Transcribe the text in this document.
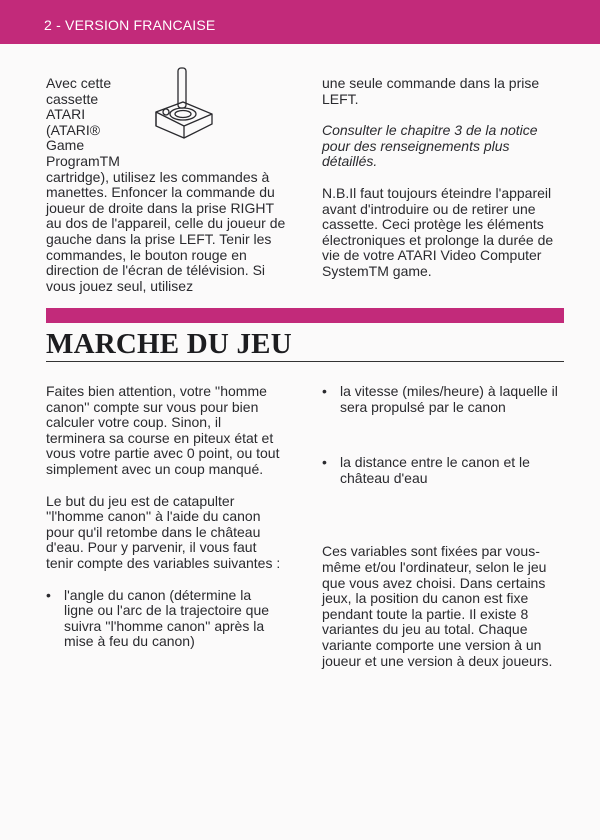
2 - VERSION FRANCAISE
Avec cette
cassette
ATARI
(ATARI®
Game

ProgramTM cartridge), utilisez les commandes à manettes. Enfoncer la commande du joueur de droite dans la prise RIGHT au dos de l'appareil, celle du joueur de gauche dans la prise LEFT. Tenir les commandes, le bouton rouge en direction de l'écran de télévision. Si vous jouez seul, utilisez

une seule commande dans la prise LEFT.

Consulter le chapitre 3 de la notice pour des renseignements plus détaillés.

N.B.Il faut toujours éteindre l'appareil avant d'introduire ou de retirer une cassette. Ceci protège les éléments électroniques et prolonge la durée de vie de votre ATARI Video Computer SystemTM game.

MARCHE DU JEU

Faites bien attention, votre ''homme canon'' compte sur vous pour bien calculer votre coup. Sinon, il terminera sa course en piteux état et vous votre partie avec 0 point, ou tout simplement avec un coup manqué.

Le but du jeu est de catapulter ''l'homme canon'' à l'aide du canon pour qu'il retombe dans le château d'eau. Pour y parvenir, il vous faut tenir compte des variables suivantes :

• l'angle du canon (détermine la ligne ou l'arc de la trajectoire que suivra ''l'homme canon'' après la mise à feu du canon)

• la vitesse (miles/heure) à laquelle il sera propulsé par le canon

• la distance entre le canon et le château d'eau

Ces variables sont fixées par vous-même et/ou l'ordinateur, selon le jeu que vous avez choisi. Dans certains jeux, la position du canon est fixe pendant toute la partie. Il existe 8 variantes du jeu au total. Chaque variante comporte une version à un joueur et une version à deux joueurs.
